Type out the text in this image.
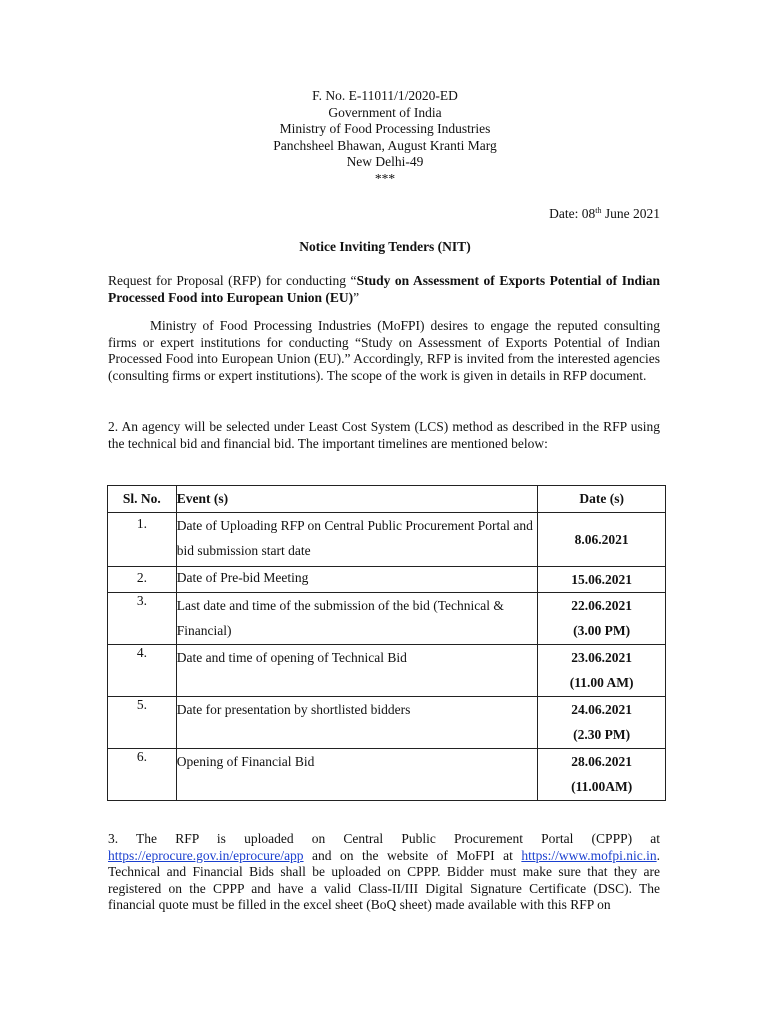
F. No. E-11011/1/2020-ED
Government of India
Ministry of Food Processing Industries
Panchsheel Bhawan, August Kranti Marg
New Delhi-49
***
Date: 08th June 2021
Notice Inviting Tenders (NIT)
Request for Proposal (RFP) for conducting “Study on Assessment of Exports Potential of Indian Processed Food into European Union (EU)”
Ministry of Food Processing Industries (MoFPI) desires to engage the reputed consulting firms or expert institutions for conducting “Study on Assessment of Exports Potential of Indian Processed Food into European Union (EU).” Accordingly, RFP is invited from the interested agencies (consulting firms or expert institutions). The scope of the work is given in details in RFP document.
2. An agency will be selected under Least Cost System (LCS) method as described in the RFP using the technical bid and financial bid. The important timelines are mentioned below:
Sl. No.	Event (s)	Date (s)
1.	Date of Uploading RFP on Central Public Procurement Portal and bid submission start date	8.06.2021

2.	Date of Pre-bid Meeting	15.06.2021

3.	Last date and time of the submission of the bid (Technical & Financial)	22.06.2021
(3.00 PM)

4.	Date and time of opening of Technical Bid	23.06.2021
(11.00 AM)

5.	Date for presentation by shortlisted bidders	24.06.2021
(2.30 PM)

6.	Opening of Financial Bid	28.06.2021
(11.00AM)
3. The RFP is uploaded on Central Public Procurement Portal (CPPP) at https://eprocure.gov.in/eprocure/app and on the website of MoFPI at https://www.mofpi.nic.in. Technical and Financial Bids shall be uploaded on CPPP. Bidder must make sure that they are registered on the CPPP and have a valid Class-II/III Digital Signature Certificate (DSC). The financial quote must be filled in the excel sheet (BoQ sheet) made available with this RFP on
